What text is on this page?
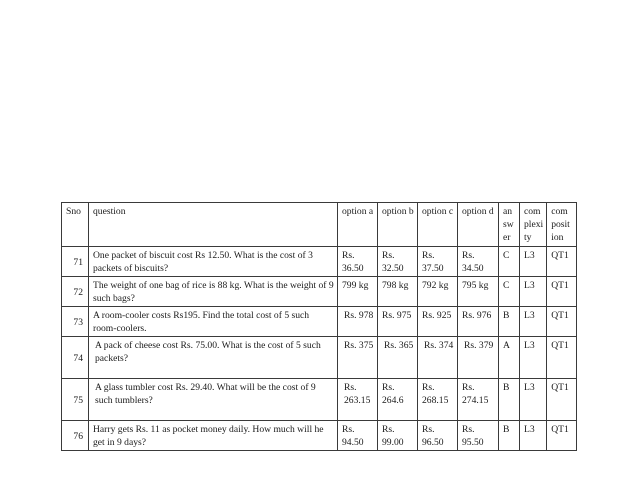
Sno	question	option a	option b	option c	option d	an sw er	com plexi ty	com posit ion
71	One packet of biscuit cost Rs 12.50. What is the cost of 3 packets of biscuits?	Rs. 36.50	Rs. 32.50	Rs. 37.50	Rs. 34.50	C	L3	QT1
72	The weight of one bag of rice is 88 kg. What is the weight of 9 such bags?	799 kg	798 kg	792 kg	795 kg	C	L3	QT1
73	A room-cooler costs Rs195. Find the total cost of 5 such room-coolers.	Rs. 978	Rs. 975	Rs. 925	Rs. 976	B	L3	QT1
74	A pack of cheese cost Rs. 75.00. What is the cost of 5 such packets?	Rs. 375	Rs. 365	Rs. 374	Rs. 379	A	L3	QT1
75	A glass tumbler cost Rs. 29.40. What will be the cost of 9 such tumblers?	Rs. 263.15	Rs. 264.6	Rs. 268.15	Rs. 274.15	B	L3	QT1
76	Harry gets Rs. 11 as pocket money daily. How much will he get in 9 days?	Rs. 94.50	Rs. 99.00	Rs. 96.50	Rs. 95.50	B	L3	QT1
